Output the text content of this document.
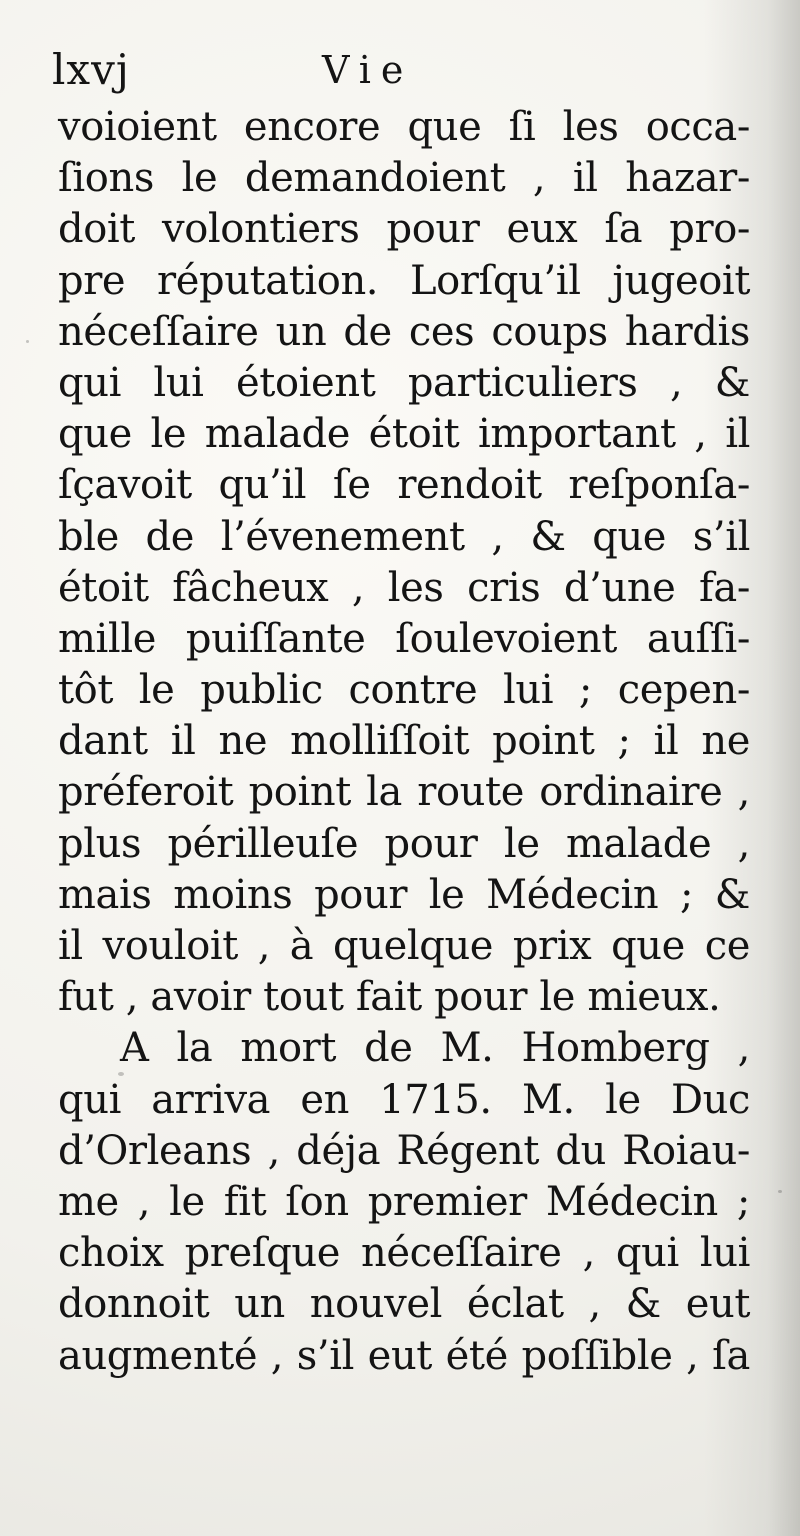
lxvj	Vie
voioient encore que ſi les occa-
ſions le demandoient , il hazar-
doit volontiers pour eux ſa pro-
pre réputation. Lorſqu’il jugeoit
néceſſaire un de ces coups hardis
qui lui étoient particuliers , &
que le malade étoit important , il
ſçavoit qu’il ſe rendoit reſponſa-
ble de l’évenement , & que s’il
étoit fâcheux , les cris d’une fa-
mille puiſſante ſoulevoient auſſi-
tôt le public contre lui ; cepen-
dant il ne molliſſoit point ; il ne
préferoit point la route ordinaire ,
plus périlleuſe pour le malade ,
mais moins pour le Médecin ; &
il vouloit , à quelque prix que ce
fut , avoir tout fait pour le mieux.
A la mort de M. Homberg ,
qui arriva en 1715. M. le Duc
d’Orleans , déja Régent du Roiau-
me , le fit ſon premier Médecin ;
choix preſque néceſſaire , qui lui
donnoit un nouvel éclat , & eut
augmenté , s’il eut été poſſible , ſa
